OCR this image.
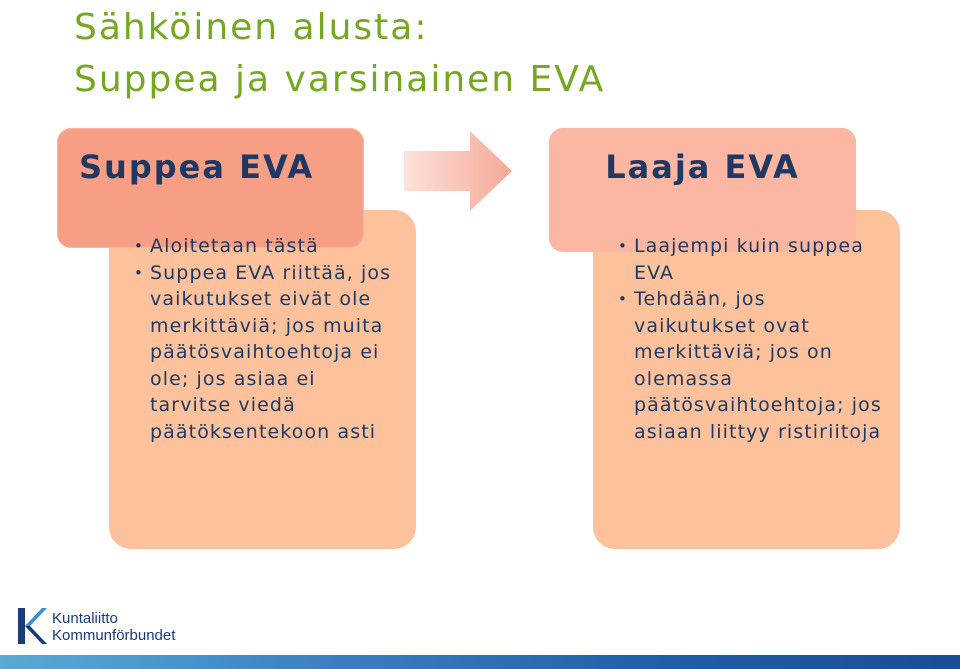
Sähköinen alusta:
Suppea ja varsinainen EVA
Suppea EVA
• Aloitetaan tästä
• Suppea EVA riittää, jos vaikutukset eivät ole merkittäviä; jos muita päätösvaihtoehtoja ei ole; jos asiaa ei tarvitse viedä päätöksentekoon asti
Laaja EVA
• Laajempi kuin suppea EVA
• Tehdään, jos vaikutukset ovat merkittäviä; jos on olemassa päätösvaihtoehtoja; jos asiaan liittyy ristiriitoja
Kuntaliitto
Kommunförbundet
